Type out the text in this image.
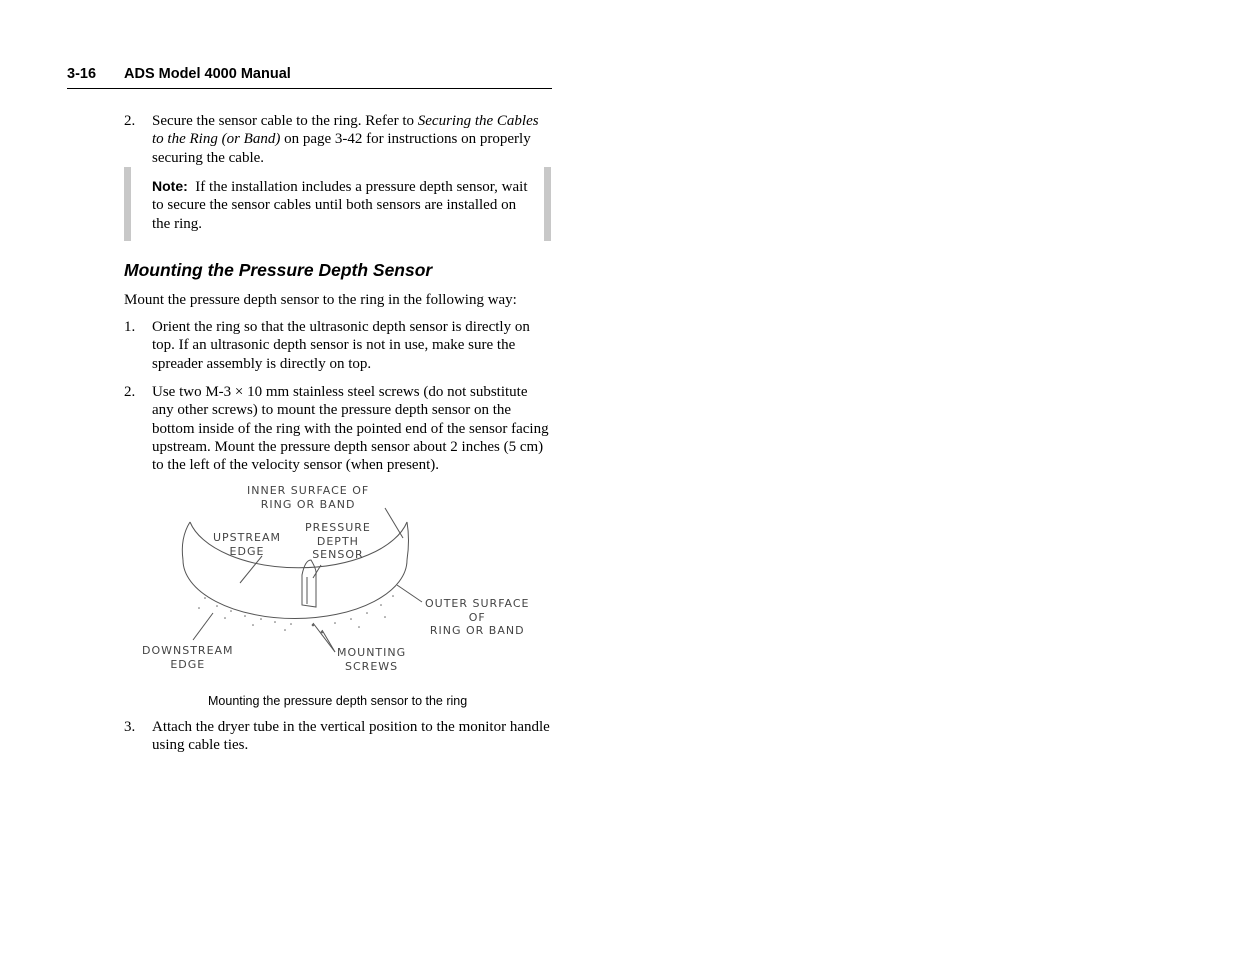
3-16 ADS Model 4000 Manual
2. Secure the sensor cable to the ring. Refer to Securing the Cables to the Ring (or Band) on page 3-42 for instructions on properly securing the cable.
Note: If the installation includes a pressure depth sensor, wait to secure the sensor cables until both sensors are installed on the ring.
Mounting the Pressure Depth Sensor
Mount the pressure depth sensor to the ring in the following way:
1. Orient the ring so that the ultrasonic depth sensor is directly on top. If an ultrasonic depth sensor is not in use, make sure the spreader assembly is directly on top.
2. Use two M-3 × 10 mm stainless steel screws (do not substitute any other screws) to mount the pressure depth sensor on the bottom inside of the ring with the pointed end of the sensor facing upstream. Mount the pressure depth sensor about 2 inches (5 cm) to the left of the velocity sensor (when present).
INNER SURFACE OF
RING OR BAND
UPSTREAM
EDGE
PRESSURE
DEPTH
SENSOR
OUTER SURFACE
OF
RING OR BAND
DOWNSTREAM
EDGE
MOUNTING
SCREWS
Mounting the pressure depth sensor to the ring
3. Attach the dryer tube in the vertical position to the monitor handle using cable ties.
